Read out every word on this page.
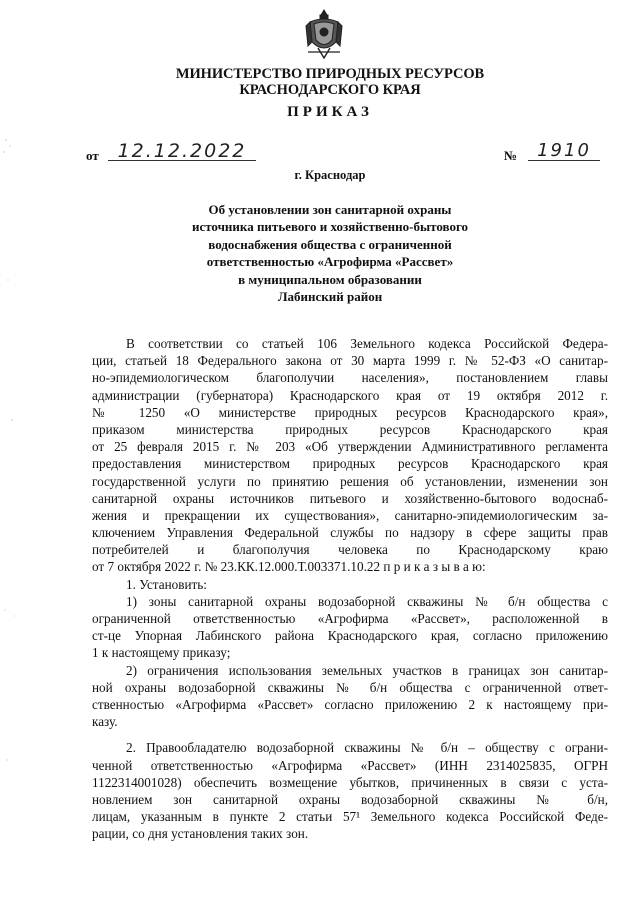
МИНИСТЕРСТВО ПРИРОДНЫХ РЕСУРСОВ
КРАСНОДАРСКОГО КРАЯ
ПРИКАЗ
от 12.12.2022	№	1910
г. Краснодар
Об установлении зон санитарной охраны
источника питьевого и хозяйственно-бытового
водоснабжения общества с ограниченной
ответственностью «Агрофирма «Рассвет»
в муниципальном образовании
Лабинский район
В соответствии со статьей 106 Земельного кодекса Российской Федера-
ции, статьей 18 Федерального закона от 30 марта 1999 г. № 52-ФЗ «О санитар-
но-эпидемиологическом благополучии населения», постановлением главы
администрации (губернатора) Краснодарского края от 19 октября 2012 г.
№ 1250 «О министерстве природных ресурсов Краснодарского края»,
приказом министерства природных ресурсов Краснодарского края
от 25 февраля 2015 г. № 203 «Об утверждении Административного регламента
предоставления министерством природных ресурсов Краснодарского края
государственной услуги по принятию решения об установлении, изменении зон
санитарной охраны источников питьевого и хозяйственно-бытового водоснаб-
жения и прекращении их существования», санитарно-эпидемиологическим за-
ключением Управления Федеральной службы по надзору в сфере защиты прав
потребителей и благополучия человека по Краснодарскому краю
от 7 октября 2022 г. № 23.КК.12.000.Т.003371.10.22 п р и к а з ы в а ю:
1. Установить:
1) зоны санитарной охраны водозаборной скважины № б/н общества с
ограниченной ответственностью «Агрофирма «Рассвет», расположенной в
ст-це Упорная Лабинского района Краснодарского края, согласно приложению
1 к настоящему приказу;
2) ограничения использования земельных участков в границах зон санитар-
ной охраны водозаборной скважины № б/н общества с ограниченной ответ-
ственностью «Агрофирма «Рассвет» согласно приложению 2 к настоящему при-
казу.
2. Правообладателю водозаборной скважины № б/н – обществу с ограни-
ченной ответственностью «Агрофирма «Рассвет» (ИНН 2314025835, ОГРН
1122314001028) обеспечить возмещение убытков, причиненных в связи с уста-
новлением зон санитарной охраны водозаборной скважины № б/н,
лицам, указанным в пункте 2 статьи 57¹ Земельного кодекса Российской Феде-
рации, со дня установления таких зон.
